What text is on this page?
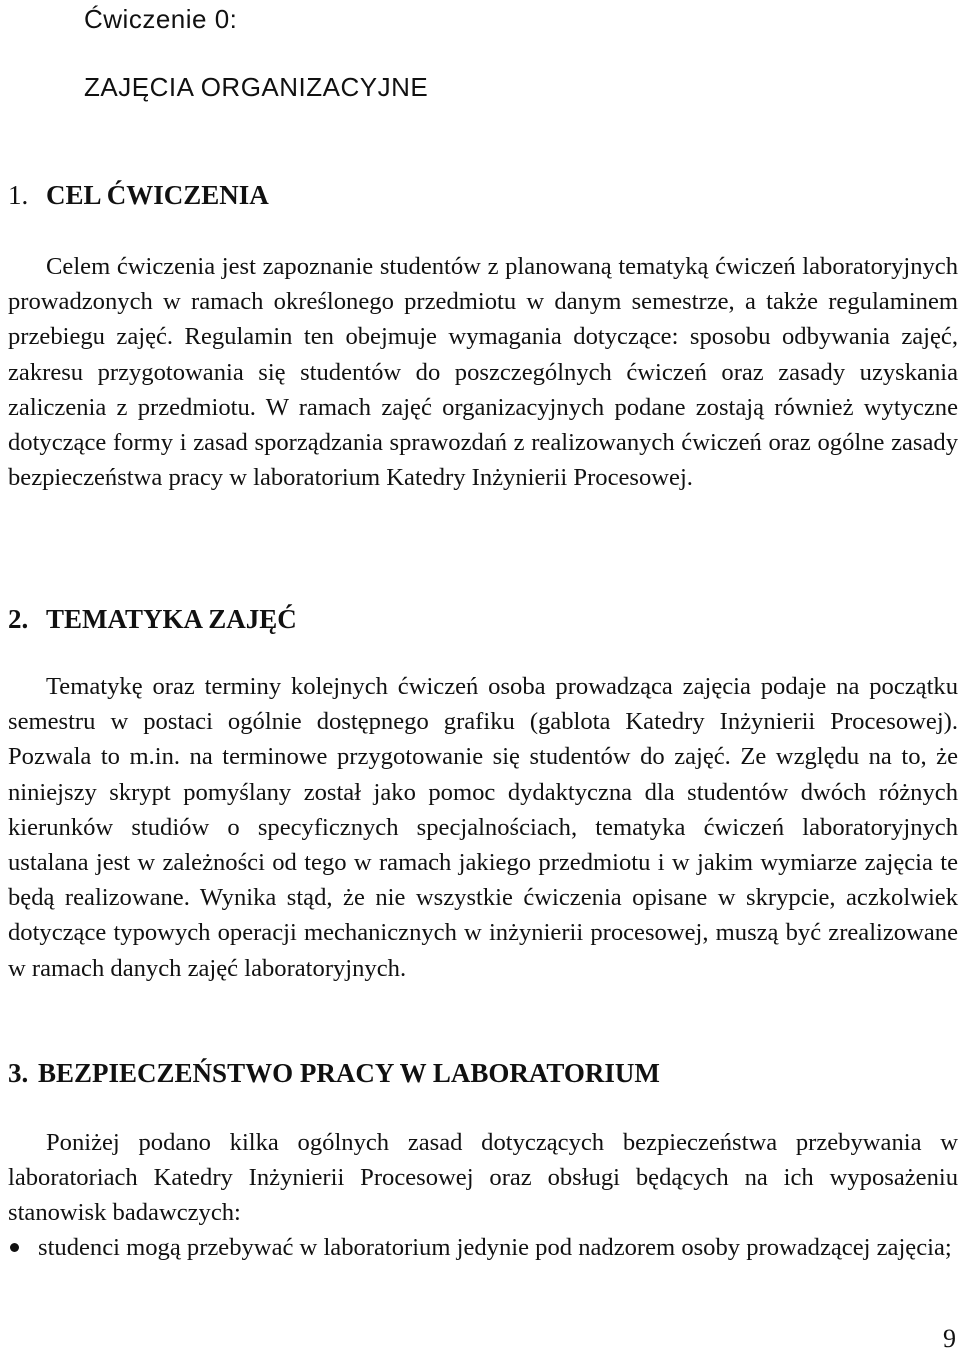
Ćwiczenie 0:

ZAJĘCIA ORGANIZACYJNE

1. CEL ĆWICZENIA

Celem ćwiczenia jest zapoznanie studentów z planowaną tematyką ćwiczeń laboratoryjnych prowadzonych w ramach określonego przedmiotu w danym semestrze, a także regulaminem przebiegu zajęć. Regulamin ten obejmuje wymagania dotyczące: sposobu odbywania zajęć, zakresu przygotowania się studentów do poszczególnych ćwiczeń oraz zasady uzyskania zaliczenia z przedmiotu. W ramach zajęć organizacyjnych podane zostają również wytyczne dotyczące formy i zasad sporządzania sprawozdań z realizowanych ćwiczeń oraz ogólne zasady bezpieczeństwa pracy w laboratorium Katedry Inżynierii Procesowej.

2. TEMATYKA ZAJĘĆ

Tematykę oraz terminy kolejnych ćwiczeń osoba prowadząca zajęcia podaje na początku semestru w postaci ogólnie dostępnego grafiku (gablota Katedry Inżynierii Procesowej). Pozwala to m.in. na terminowe przygotowanie się studentów do zajęć. Ze względu na to, że niniejszy skrypt pomyślany został jako pomoc dydaktyczna dla studentów dwóch różnych kierunków studiów o specyficznych specjalnościach, tematyka ćwiczeń laboratoryjnych ustalana jest w zależności od tego w ramach jakiego przedmiotu i w jakim wymiarze zajęcia te będą realizowane. Wynika stąd, że nie wszystkie ćwiczenia opisane w skrypcie, aczkolwiek dotyczące typowych operacji mechanicznych w inżynierii procesowej, muszą być zrealizowane w ramach danych zajęć laboratoryjnych.

3. BEZPIECZEŃSTWO PRACY W LABORATORIUM

Poniżej podano kilka ogólnych zasad dotyczących bezpieczeństwa przebywania w laboratoriach Katedry Inżynierii Procesowej oraz obsługi będących na ich wyposażeniu stanowisk badawczych:

studenci mogą przebywać w laboratorium jedynie pod nadzorem osoby prowadzącej zajęcia;

9
